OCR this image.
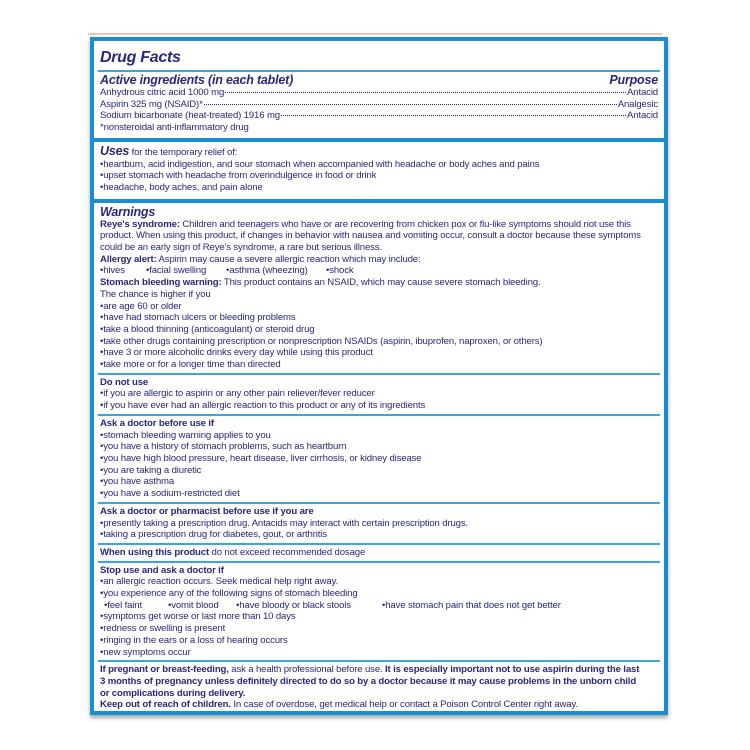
Drug Facts
Active ingredients (in each tablet)	Purpose
Anhydrous citric acid 1000 mg	Antacid
Aspirin 325 mg (NSAID)*	Analgesic
Sodium bicarbonate (heat-treated) 1916 mg	Antacid
*nonsteroidal anti-inflammatory drug
Uses for the temporary relief of:
• heartburn, acid indigestion, and sour stomach when accompanied with headache or body aches and pains
• upset stomach with headache from overindulgence in food or drink
• headache, body aches, and pain alone
Warnings
Reye's syndrome: Children and teenagers who have or are recovering from chicken pox or flu-like symptoms should not use this
product. When using this product, if changes in behavior with nausea and vomiting occur, consult a doctor because these symptoms
could be an early sign of Reye's syndrome, a rare but serious illness.
Allergy alert: Aspirin may cause a severe allergic reaction which may include:
• hives	• facial swelling • asthma (wheezing) • shock
Stomach bleeding warning: This product contains an NSAID, which may cause severe stomach bleeding.
The chance is higher if you
• are age 60 or older
• have had stomach ulcers or bleeding problems
• take a blood thinning (anticoagulant) or steroid drug
• take other drugs containing prescription or nonprescription NSAIDs (aspirin, ibuprofen, naproxen, or others)
• have 3 or more alcoholic drinks every day while using this product
• take more or for a longer time than directed
Do not use
• if you are allergic to aspirin or any other pain reliever/fever reducer
• if you have ever had an allergic reaction to this product or any of its ingredients
Ask a doctor before use if
• stomach bleeding warning applies to you
• you have a history of stomach problems, such as heartburn
• you have high blood pressure, heart disease, liver cirrhosis, or kidney disease
• you are taking a diuretic
• you have asthma
• you have a sodium-restricted diet
Ask a doctor or pharmacist before use if you are
• presently taking a prescription drug. Antacids may interact with certain prescription drugs.
• taking a prescription drug for diabetes, gout, or arthritis
When using this product do not exceed recommended dosage
Stop use and ask a doctor if
• an allergic reaction occurs. Seek medical help right away.
• you experience any of the following signs of stomach bleeding
• feel faint	• vomit blood • have bloody or black stools	• have stomach pain that does not get better
• symptoms get worse or last more than 10 days
• redness or swelling is present
• ringing in the ears or a loss of hearing occurs
• new symptoms occur
If pregnant or breast-feeding, ask a health professional before use. It is especially important not to use aspirin during the last
3 months of pregnancy unless definitely directed to do so by a doctor because it may cause problems in the unborn child
or complications during delivery.
Keep out of reach of children. In case of overdose, get medical help or contact a Poison Control Center right away.
